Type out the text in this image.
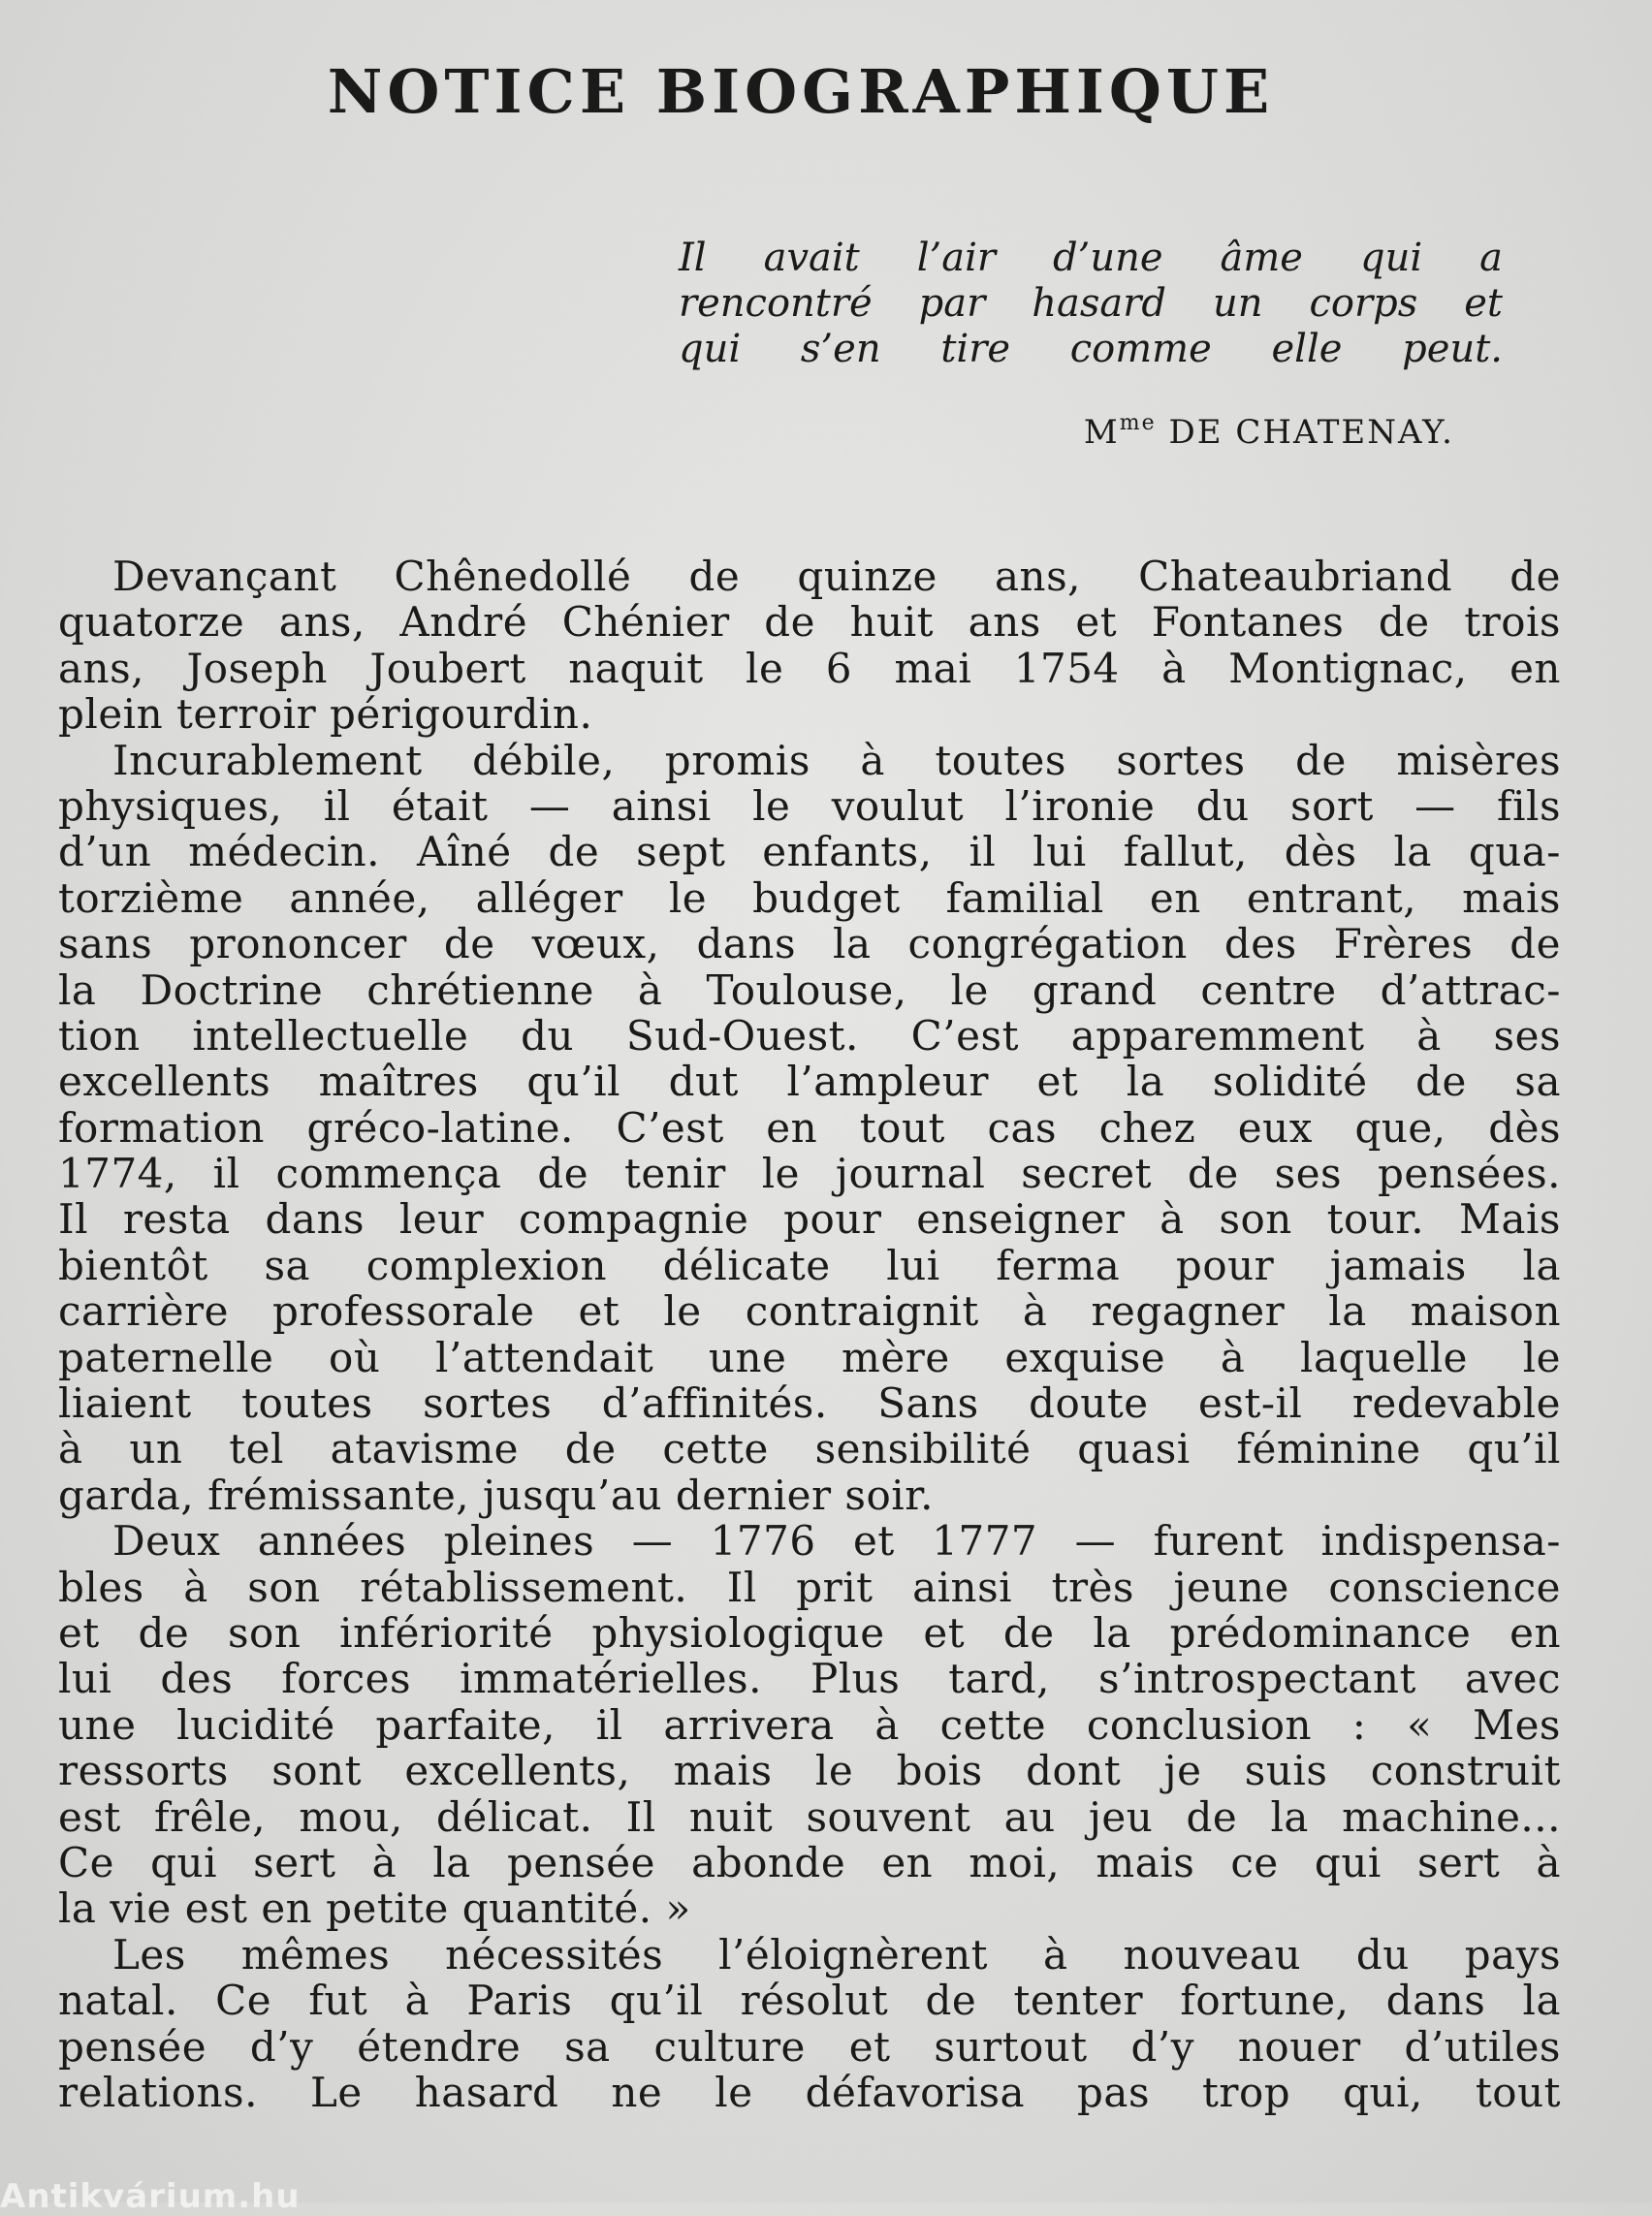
NOTICE BIOGRAPHIQUE
Il avait l’air d’une âme qui a
rencontré par hasard un corps et
qui s’en tire comme elle peut.

$M^{me}$ DE CHATENAY.

Devançant Chênedollé de quinze ans, Chateaubriand de
quatorze ans, André Chénier de huit ans et Fontanes de trois
ans, Joseph Joubert naquit le 6 mai 1754 à Montignac, en
plein terroir périgourdin.
Incurablement débile, promis à toutes sortes de misères
physiques, il était — ainsi le voulut l’ironie du sort — fils
d’un médecin. Aîné de sept enfants, il lui fallut, dès la qua-
torzième année, alléger le budget familial en entrant, mais
sans prononcer de vœux, dans la congrégation des Frères de
la Doctrine chrétienne à Toulouse, le grand centre d’attrac-
tion intellectuelle du Sud-Ouest. C’est apparemment à ses
excellents maîtres qu’il dut l’ampleur et la solidité de sa
formation gréco-latine. C’est en tout cas chez eux que, dès
1774, il commença de tenir le journal secret de ses pensées.
Il resta dans leur compagnie pour enseigner à son tour. Mais
bientôt sa complexion délicate lui ferma pour jamais la
carrière professorale et le contraignit à regagner la maison
paternelle où l’attendait une mère exquise à laquelle le
liaient toutes sortes d’affinités. Sans doute est-il redevable
à un tel atavisme de cette sensibilité quasi féminine qu’il
garda, frémissante, jusqu’au dernier soir.
Deux années pleines — 1776 et 1777 — furent indispensa-
bles à son rétablissement. Il prit ainsi très jeune conscience
et de son infériorité physiologique et de la prédominance en
lui des forces immatérielles. Plus tard, s’introspectant avec
une lucidité parfaite, il arrivera à cette conclusion : « Mes
ressorts sont excellents, mais le bois dont je suis construit
est frêle, mou, délicat. Il nuit souvent au jeu de la machine...
Ce qui sert à la pensée abonde en moi, mais ce qui sert à
la vie est en petite quantité. »
Les mêmes nécessités l’éloignèrent à nouveau du pays
natal. Ce fut à Paris qu’il résolut de tenter fortune, dans la
pensée d’y étendre sa culture et surtout d’y nouer d’utiles
relations. Le hasard ne le défavorisa pas trop qui, tout
Antikvárium.hu
